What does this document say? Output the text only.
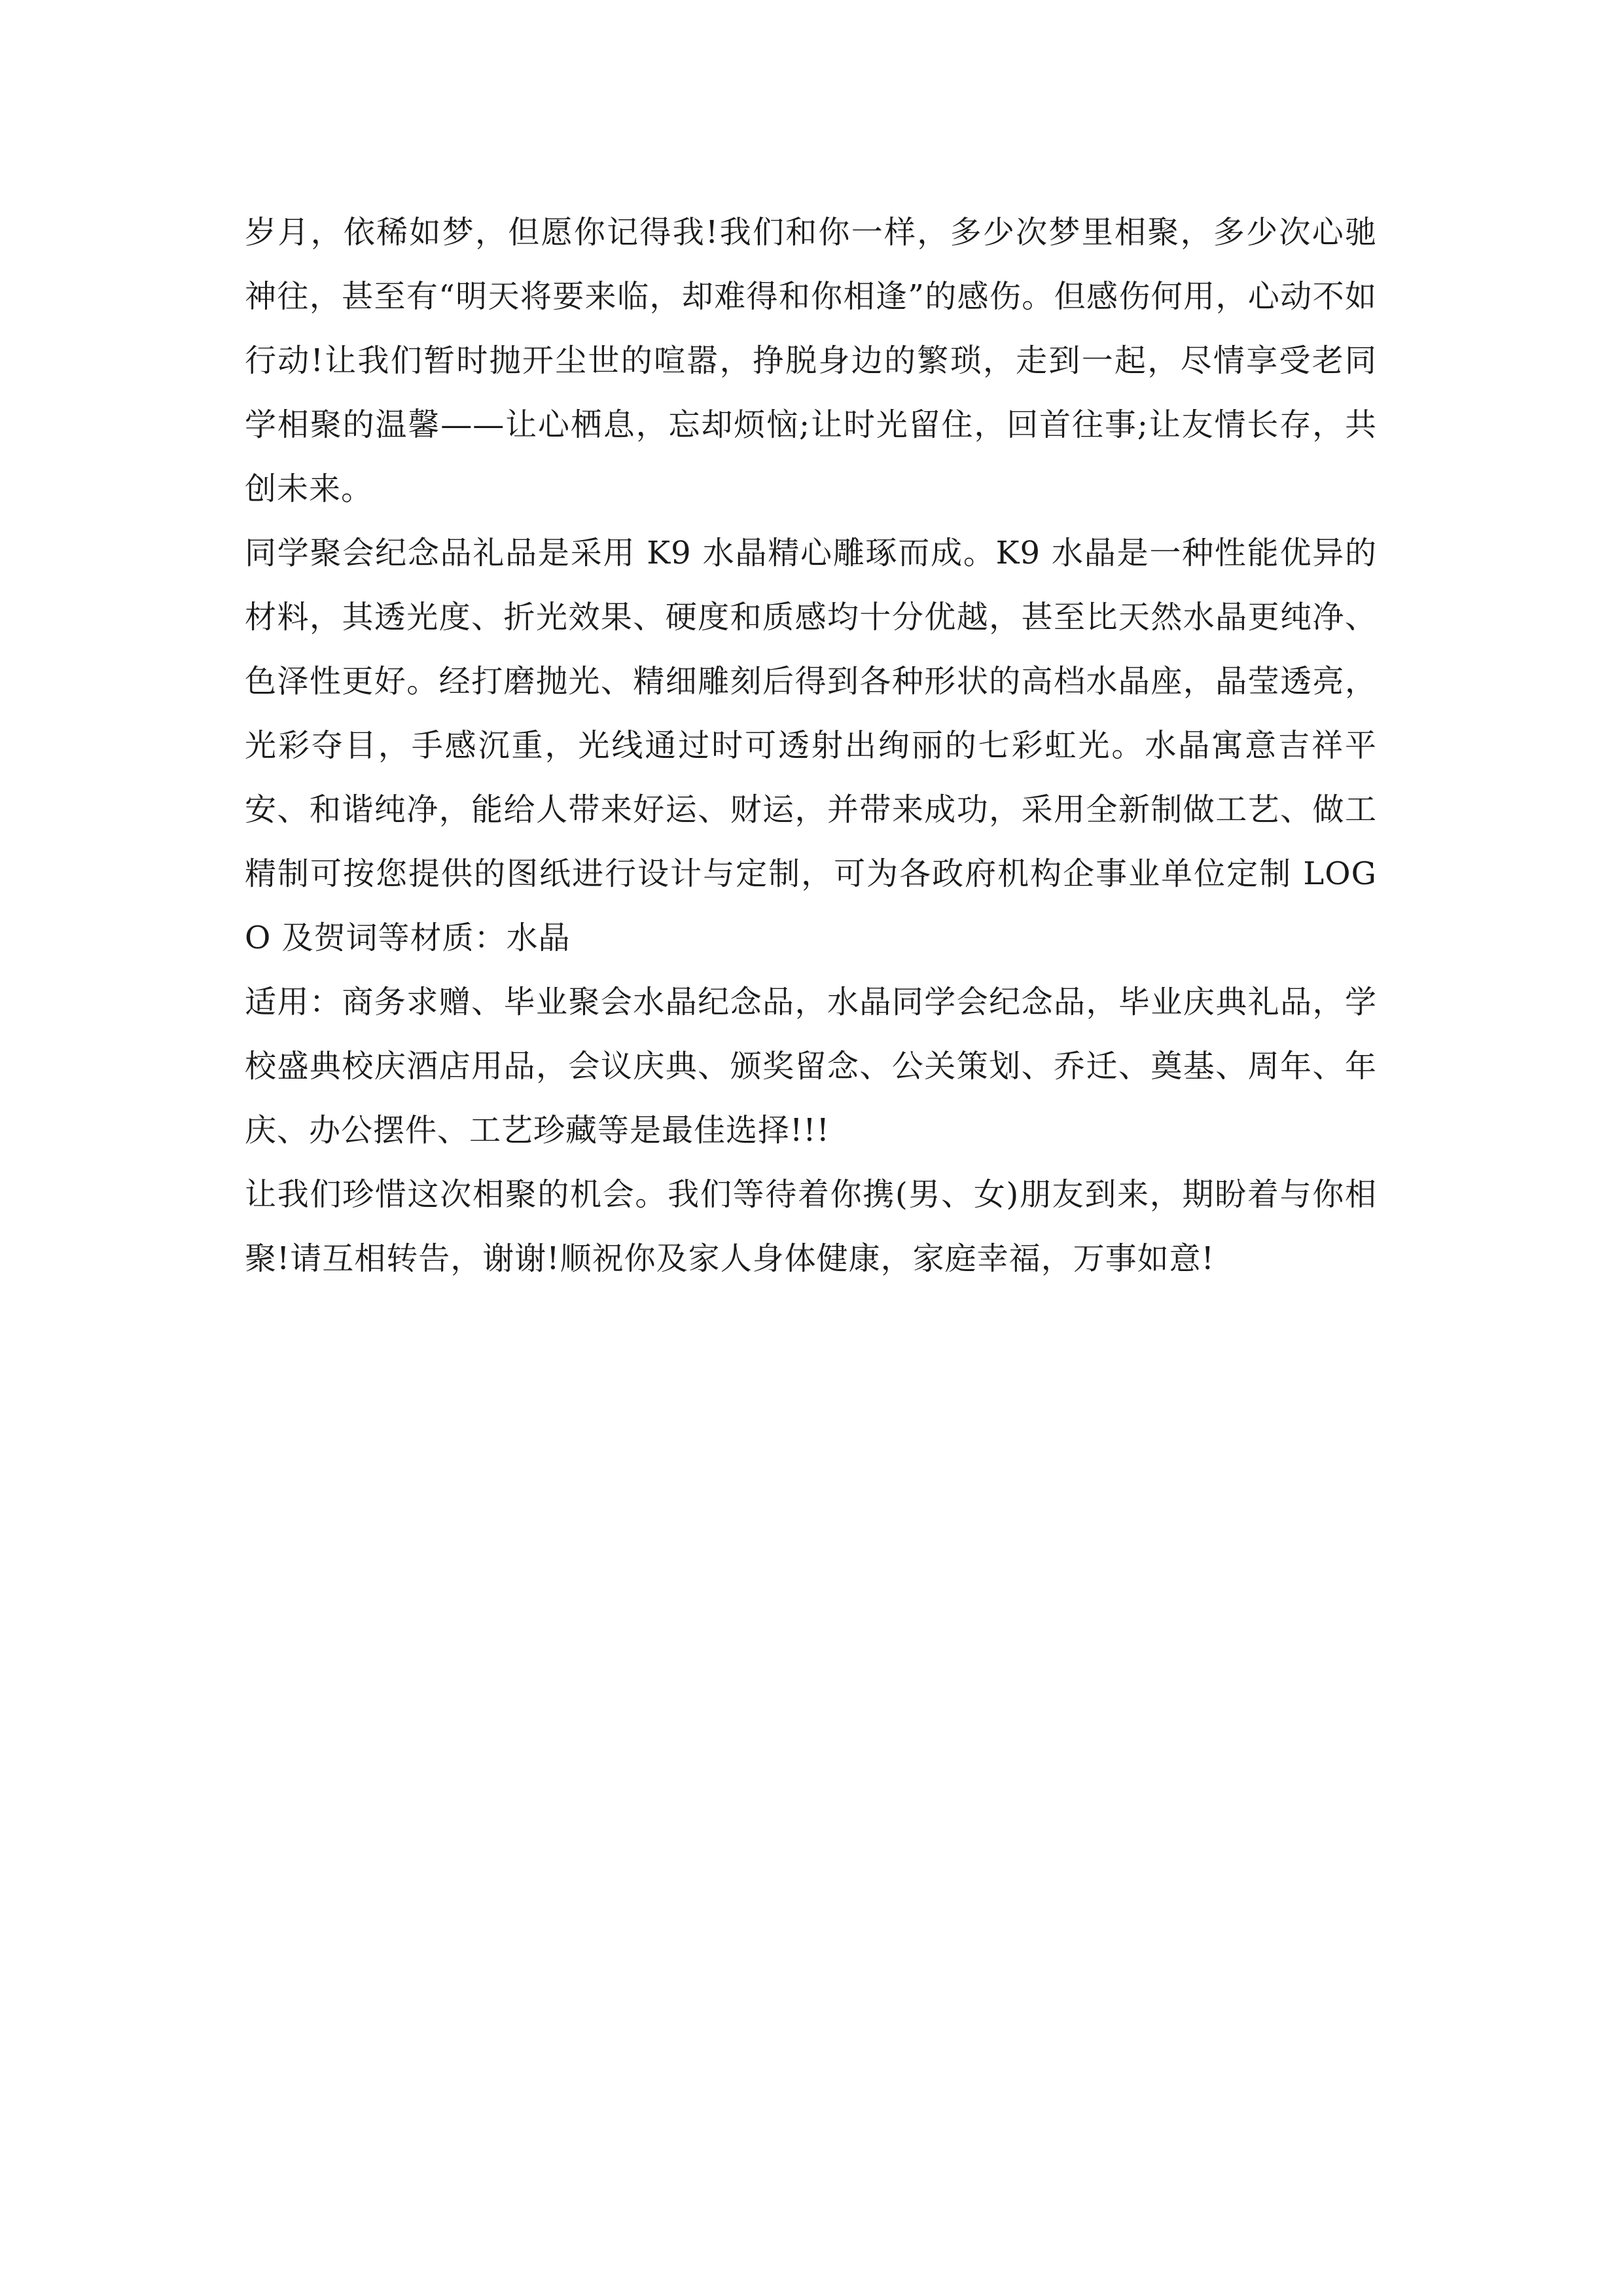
岁月，依稀如梦，但愿你记得我!我们和你一样，多少次梦里相聚，多少次心驰神往，甚至有“明天将要来临，却难得和你相逢”的感伤。但感伤何用，心动不如行动!让我们暂时抛开尘世的喧嚣，挣脱身边的繁琐，走到一起，尽情享受老同学相聚的温馨——让心栖息，忘却烦恼;让时光留住，回首往事;让友情长存，共创未来。

同学聚会纪念品礼品是采用 K9 水晶精心雕琢而成。K9 水晶是一种性能优异的材料，其透光度、折光效果、硬度和质感均十分优越，甚至比天然水晶更纯净、色泽性更好。经打磨抛光、精细雕刻后得到各种形状的高档水晶座，晶莹透亮，光彩夺目，手感沉重，光线通过时可透射出绚丽的七彩虹光。水晶寓意吉祥平安、和谐纯净，能给人带来好运、财运，并带来成功，采用全新制做工艺、做工精制可按您提供的图纸进行设计与定制，可为各政府机构企事业单位定制 LOGO 及贺词等材质：水晶

适用：商务求赠、毕业聚会水晶纪念品，水晶同学会纪念品，毕业庆典礼品，学校盛典校庆酒店用品，会议庆典、颁奖留念、公关策划、乔迁、奠基、周年、年庆、办公摆件、工艺珍藏等是最佳选择!!!

让我们珍惜这次相聚的机会。我们等待着你携(男、女)朋友到来，期盼着与你相聚!请互相转告，谢谢!顺祝你及家人身体健康，家庭幸福，万事如意!
